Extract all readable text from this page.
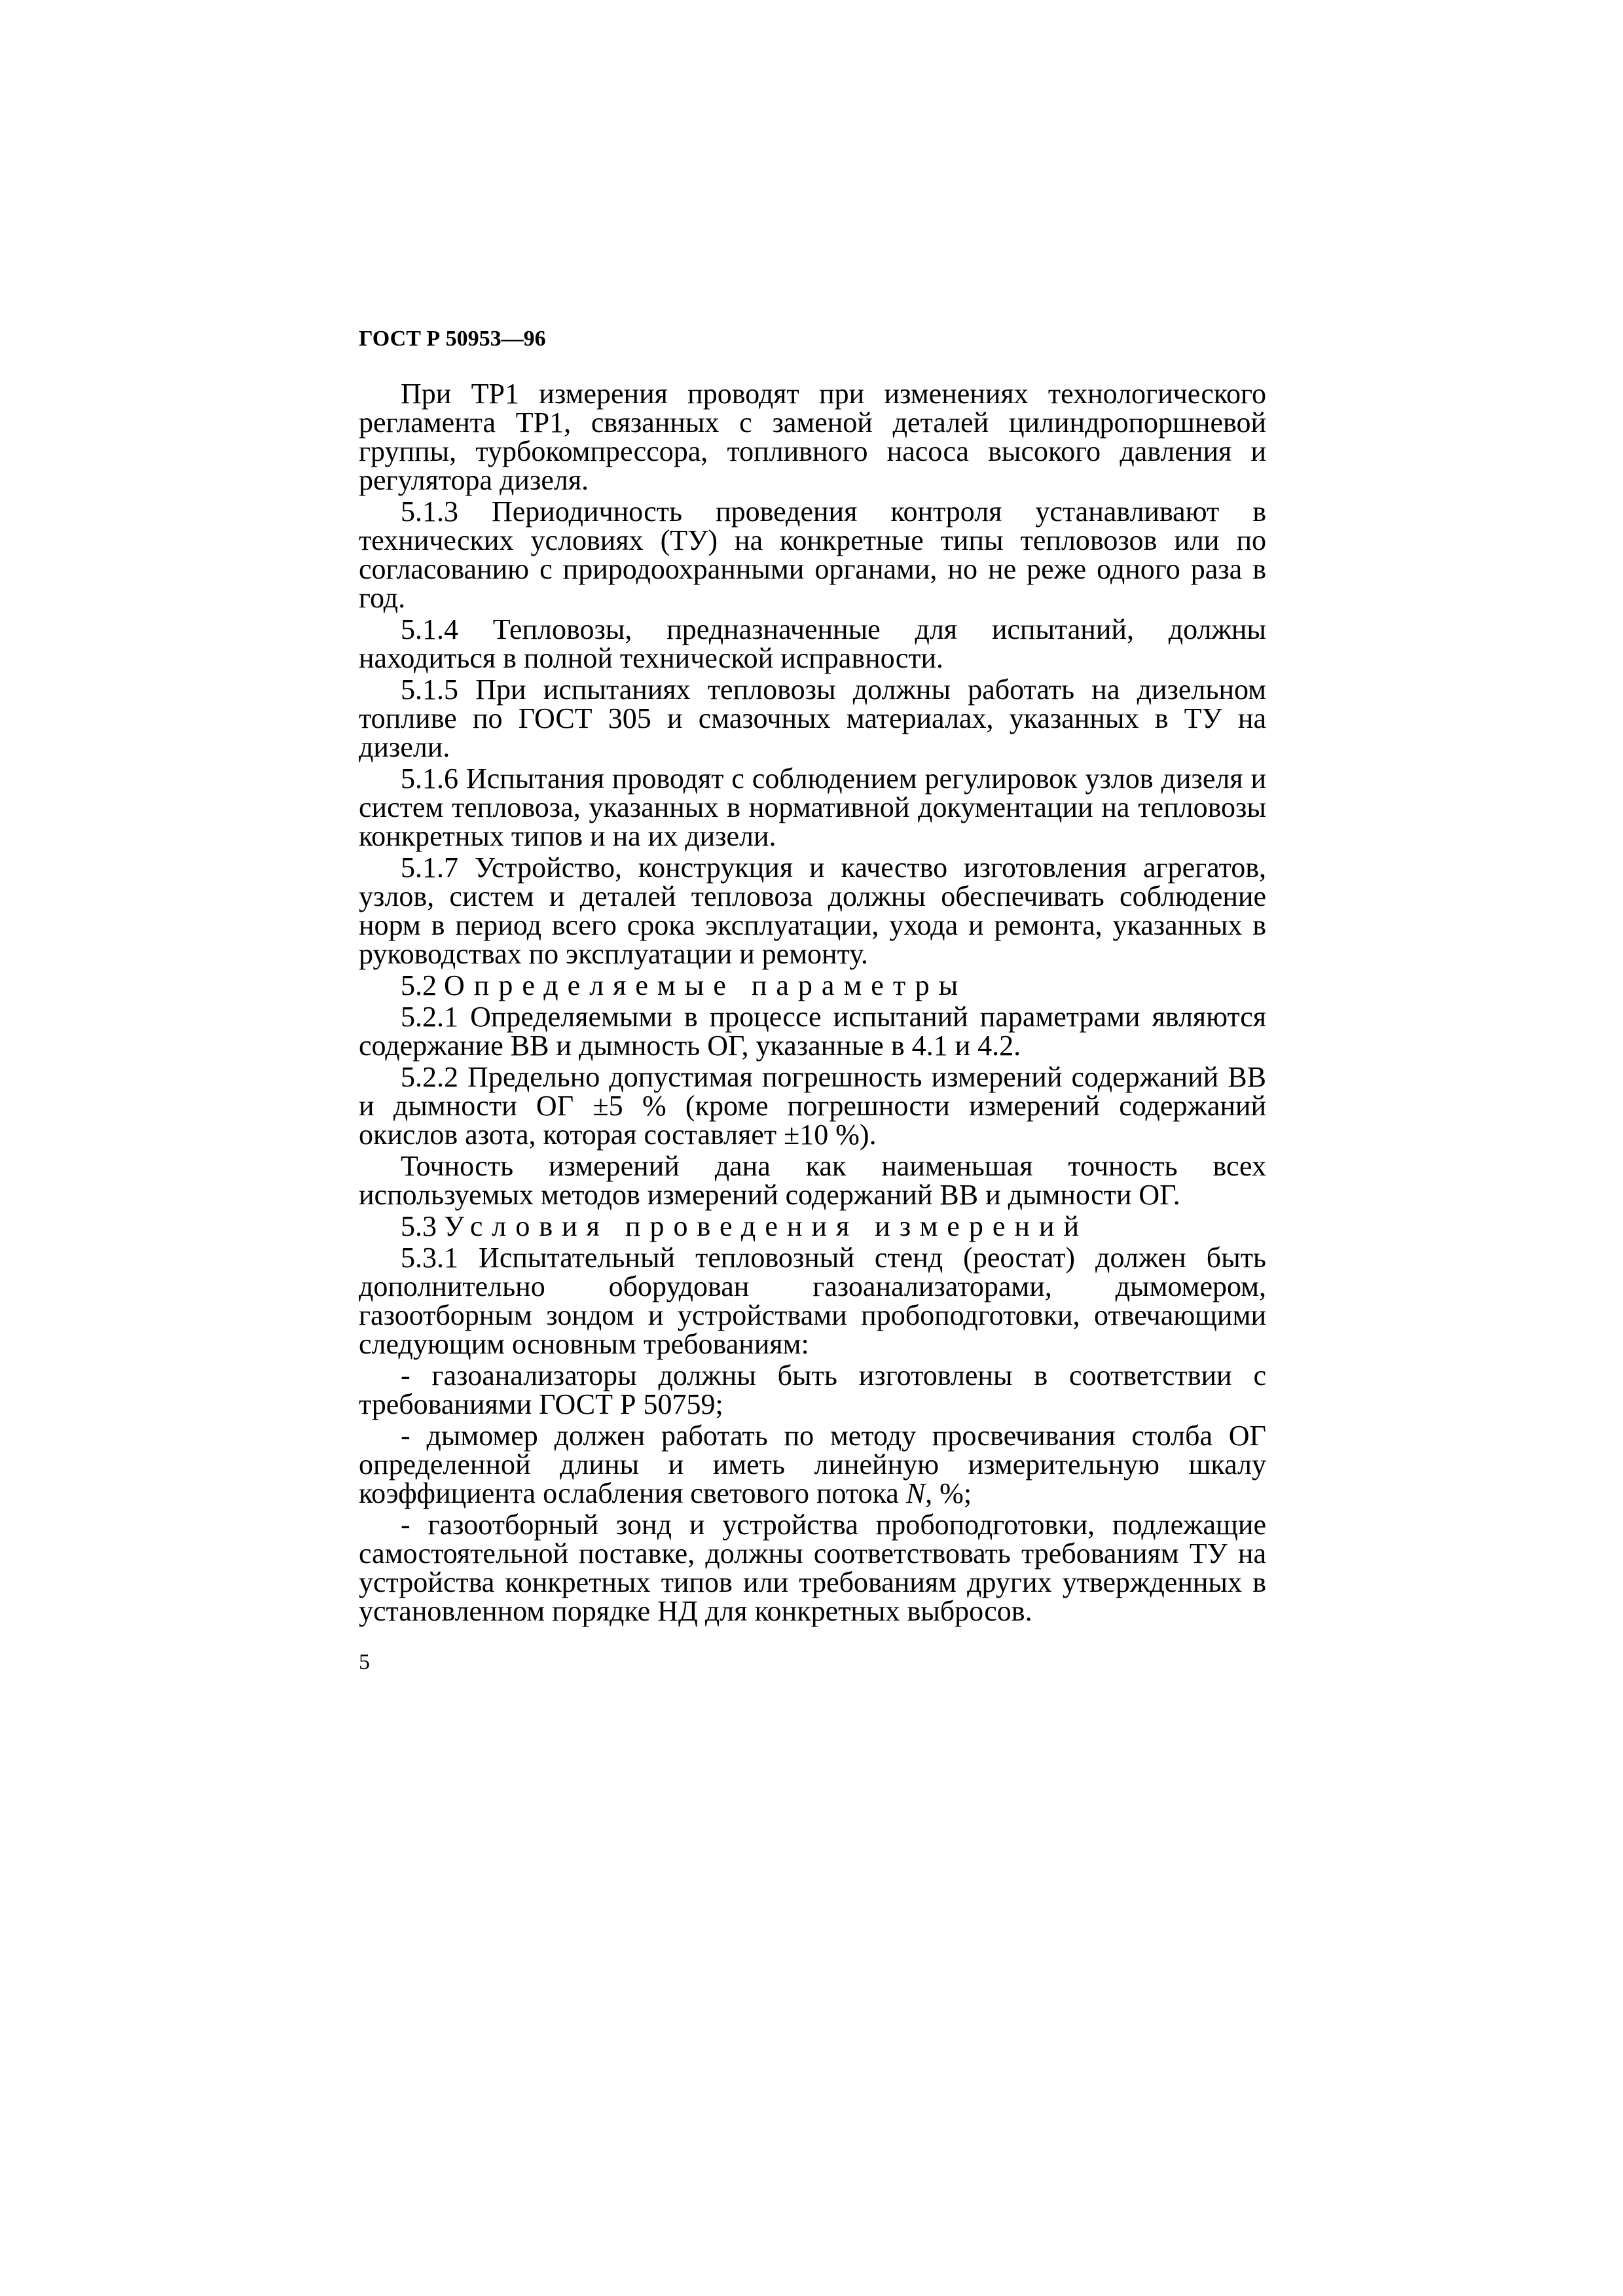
ГОСТ Р 50953—96

При ТР1 измерения проводят при изменениях технологического регламента ТР1, связанных с заменой деталей цилиндропоршневой группы, турбокомпрессора, топливного насоса высокого давления и регулятора дизеля.

5.1.3 Периодичность проведения контроля устанавливают в технических условиях (ТУ) на конкретные типы тепловозов или по согласованию с природоохранными органами, но не реже одного раза в год.

5.1.4 Тепловозы, предназначенные для испытаний, должны находиться в полной технической исправности.

5.1.5 При испытаниях тепловозы должны работать на дизельном топливе по ГОСТ 305 и смазочных материалах, указанных в ТУ на дизели.

5.1.6 Испытания проводят с соблюдением регулировок узлов дизеля и систем тепловоза, указанных в нормативной документации на тепловозы конкретных типов и на их дизели.

5.1.7 Устройство, конструкция и качество изготовления агрегатов, узлов, систем и деталей тепловоза должны обеспечивать соблюдение норм в период всего срока эксплуатации, ухода и ремонта, указанных в руководствах по эксплуатации и ремонту.

5.2 Определяемые параметры

5.2.1 Определяемыми в процессе испытаний параметрами являются содержание ВВ и дымность ОГ, указанные в 4.1 и 4.2.

5.2.2 Предельно допустимая погрешность измерений содержаний ВВ и дымности ОГ ±5 % (кроме погрешности измерений содержаний окислов азота, которая составляет ±10 %).

Точность измерений дана как наименьшая точность всех используемых методов измерений содержаний ВВ и дымности ОГ.

5.3 Условия проведения измерений

5.3.1 Испытательный тепловозный стенд (реостат) должен быть дополнительно оборудован газоанализаторами, дымомером, газоотборным зондом и устройствами пробоподготовки, отвечающими следующим основным требованиям:

- газоанализаторы должны быть изготовлены в соответствии с требованиями ГОСТ Р 50759;

- дымомер должен работать по методу просвечивания столба ОГ определенной длины и иметь линейную измерительную шкалу коэффициента ослабления светового потока N, %;

- газоотборный зонд и устройства пробоподготовки, подлежащие самостоятельной поставке, должны соответствовать требованиям ТУ на устройства конкретных типов или требованиям других утвержденных в установленном порядке НД для конкретных выбросов.

5
